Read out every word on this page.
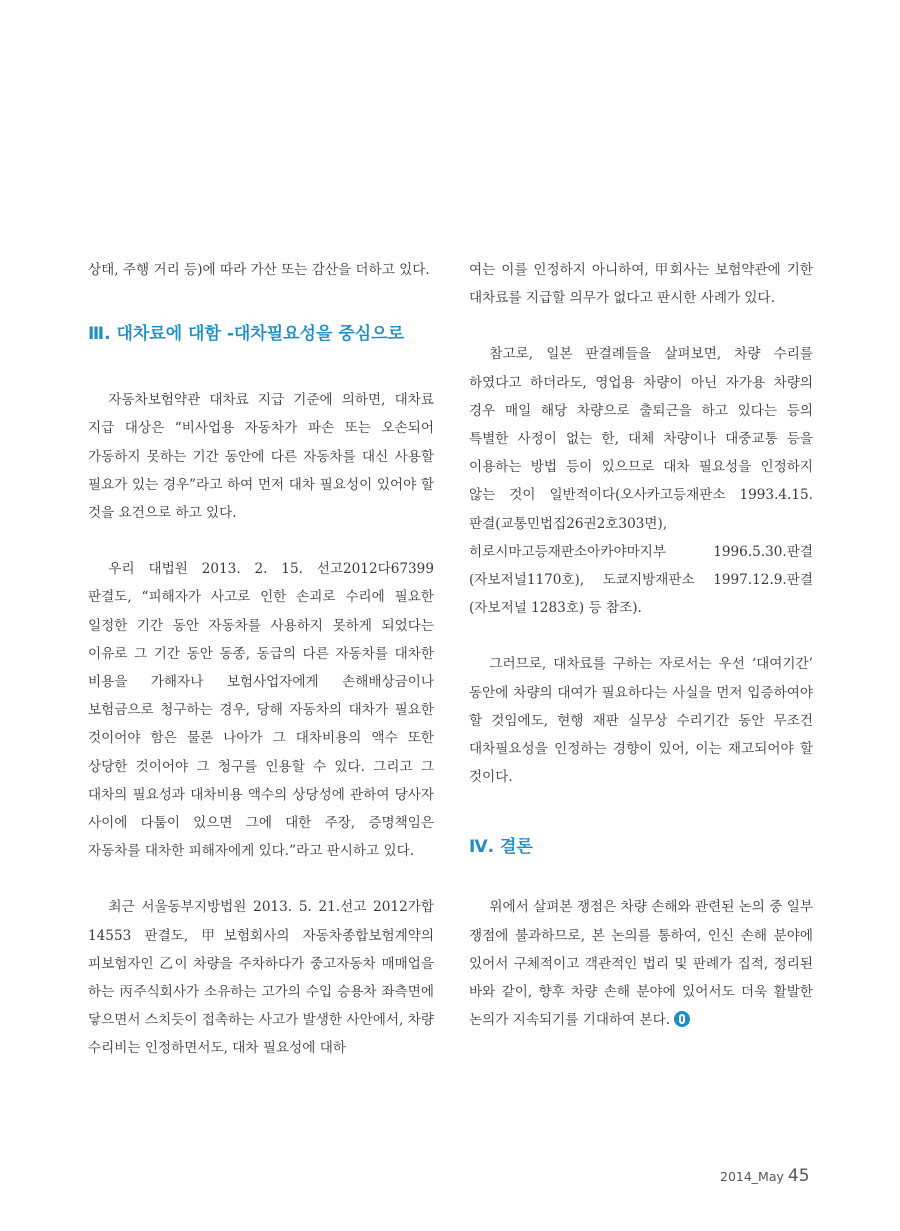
상태, 주행 거리 등)에 따라 가산 또는 감산을 더하고 있다.

Ⅲ. 대차료에 대함 -대차필요성을 중심으로

자동차보험약관 대차료 지급 기준에 의하면, 대차료 지급 대상은 “비사업용 자동차가 파손 또는 오손되어 가동하지 못하는 기간 동안에 다른 자동차를 대신 사용할 필요가 있는 경우”라고 하여 먼저 대차 필요성이 있어야 할 것을 요건으로 하고 있다.

우리 대법원 2013. 2. 15. 선고2012다67399 판결도, “피해자가 사고로 인한 손괴로 수리에 필요한 일정한 기간 동안 자동차를 사용하지 못하게 되었다는 이유로 그 기간 동안 동종, 동급의 다른 자동차를 대차한 비용을 가해자나 보험사업자에게 손해배상금이나 보험금으로 청구하는 경우, 당해 자동차의 대차가 필요한 것이어야 함은 물론 나아가 그 대차비용의 액수 또한 상당한 것이어야 그 청구를 인용할 수 있다. 그리고 그 대차의 필요성과 대차비용 액수의 상당성에 관하여 당사자 사이에 다툼이 있으면 그에 대한 주장, 증명책임은 자동차를 대차한 피해자에게 있다.”라고 판시하고 있다.

최근 서울동부지방법원 2013. 5. 21.선고 2012가합 14553 판결도, 甲보험회사의 자동차종합보험계약의 피보험자인 乙이 차량을 주차하다가 중고자동차 매매업을 하는 丙주식회사가 소유하는 고가의 수입 승용차 좌측면에 닿으면서 스치듯이 접촉하는 사고가 발생한 사안에서, 차량 수리비는 인정하면서도, 대차 필요성에 대하

여는 이를 인정하지 아니하여, 甲회사는 보험약관에 기한 대차료를 지급할 의무가 없다고 판시한 사례가 있다.

참고로, 일본 판결례들을 살펴보면, 차량 수리를 하였다고 하더라도, 영업용 차량이 아닌 자가용 차량의 경우 매일 해당 차량으로 출퇴근을 하고 있다는 등의 특별한 사정이 없는 한, 대체 차량이나 대중교통 등을 이용하는 방법 등이 있으므로 대차 필요성을 인정하지 않는 것이 일반적이다(오사카고등재판소 1993.4.15. 판결(교통민법집26권2호303면), 히로시마고등재판소아카야마지부 1996.5.30.판결(자보저널1170호), 도쿄지방재판소 1997.12.9.판결(자보저널 1283호) 등 참조).

그러므로, 대차료를 구하는 자로서는 우선 ‘대여기간’ 동안에 차량의 대여가 필요하다는 사실을 먼저 입증하여야 할 것임에도, 현행 재판 실무상 수리기간 동안 무조건 대차필요성을 인정하는 경향이 있어, 이는 재고되어야 할 것이다.

Ⅳ. 결론

위에서 살펴본 쟁점은 차량 손해와 관련된 논의 중 일부 쟁점에 불과하므로, 본 논의를 통하여, 인신 손해 분야에 있어서 구체적이고 객관적인 법리 및 판례가 집적, 정리된 바와 같이, 향후 차량 손해 분야에 있어서도 더욱 활발한 논의가 지속되기를 기대하여 본다.

2014_May 45
